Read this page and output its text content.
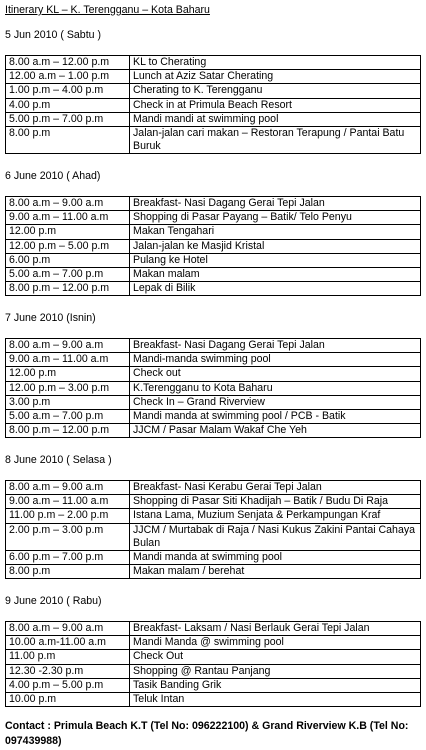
Itinerary KL – K. Terengganu – Kota Baharu
5 Jun 2010 ( Sabtu )
8.00 a.m – 12.00 p.m	KL to Cherating
12.00 a.m – 1.00 p.m	Lunch at Aziz Satar Cherating
1.00 p.m – 4.00 p.m	Cherating to K. Terengganu
4.00 p.m	Check in at Primula Beach Resort
5.00 p.m – 7.00 p.m	Mandi mandi at swimming pool
8.00 p.m	Jalan-jalan cari makan – Restoran Terapung / Pantai Batu Buruk
6 June 2010 ( Ahad)
8.00 a.m – 9.00 a.m	Breakfast- Nasi Dagang Gerai Tepi Jalan
9.00 a.m – 11.00 a.m	Shopping di Pasar Payang – Batik/ Telo Penyu
12.00 p.m	Makan Tengahari
12.00 p.m – 5.00 p.m	Jalan-jalan ke Masjid Kristal
6.00 p.m	Pulang ke Hotel
5.00 a.m – 7.00 p.m	Makan malam
8.00 p.m – 12.00 p.m	Lepak di Bilik
7 June 2010 (Isnin)
8.00 a.m – 9.00 a.m	Breakfast- Nasi Dagang Gerai Tepi Jalan
9.00 a.m – 11.00 a.m	Mandi-manda swimming pool
12.00 p.m	Check out
12.00 p.m – 3.00 p.m	K.Terengganu to Kota Baharu
3.00 p.m	Check In – Grand Riverview
5.00 a.m – 7.00 p.m	Mandi manda at swimming pool / PCB - Batik
8.00 p.m – 12.00 p.m	JJCM / Pasar Malam Wakaf Che Yeh
8 June 2010 ( Selasa )
8.00 a.m – 9.00 a.m	Breakfast- Nasi Kerabu Gerai Tepi Jalan
9.00 a.m – 11.00 a.m	Shopping di Pasar Siti Khadijah – Batik / Budu Di Raja
11.00 p.m – 2.00 p.m	Istana Lama, Muzium Senjata & Perkampungan Kraf
2.00 p.m – 3.00 p.m	JJCM / Murtabak di Raja / Nasi Kukus Zakini Pantai Cahaya Bulan
6.00 p.m – 7.00 p.m	Mandi manda at swimming pool
8.00 p.m	Makan malam / berehat
9 June 2010 ( Rabu)
8.00 a.m – 9.00 a.m	Breakfast- Laksam / Nasi Berlauk Gerai Tepi Jalan
10.00 a.m-11.00 a.m	Mandi Manda @ swimming pool
11.00 p.m	Check Out
12.30 -2.30 p.m	Shopping @ Rantau Panjang
4.00 p.m – 5.00 p.m	Tasik Banding Grik
10.00 p.m	Teluk Intan
Contact : Primula Beach K.T (Tel No: 096222100) & Grand Riverview K.B (Tel No: 097439988)
